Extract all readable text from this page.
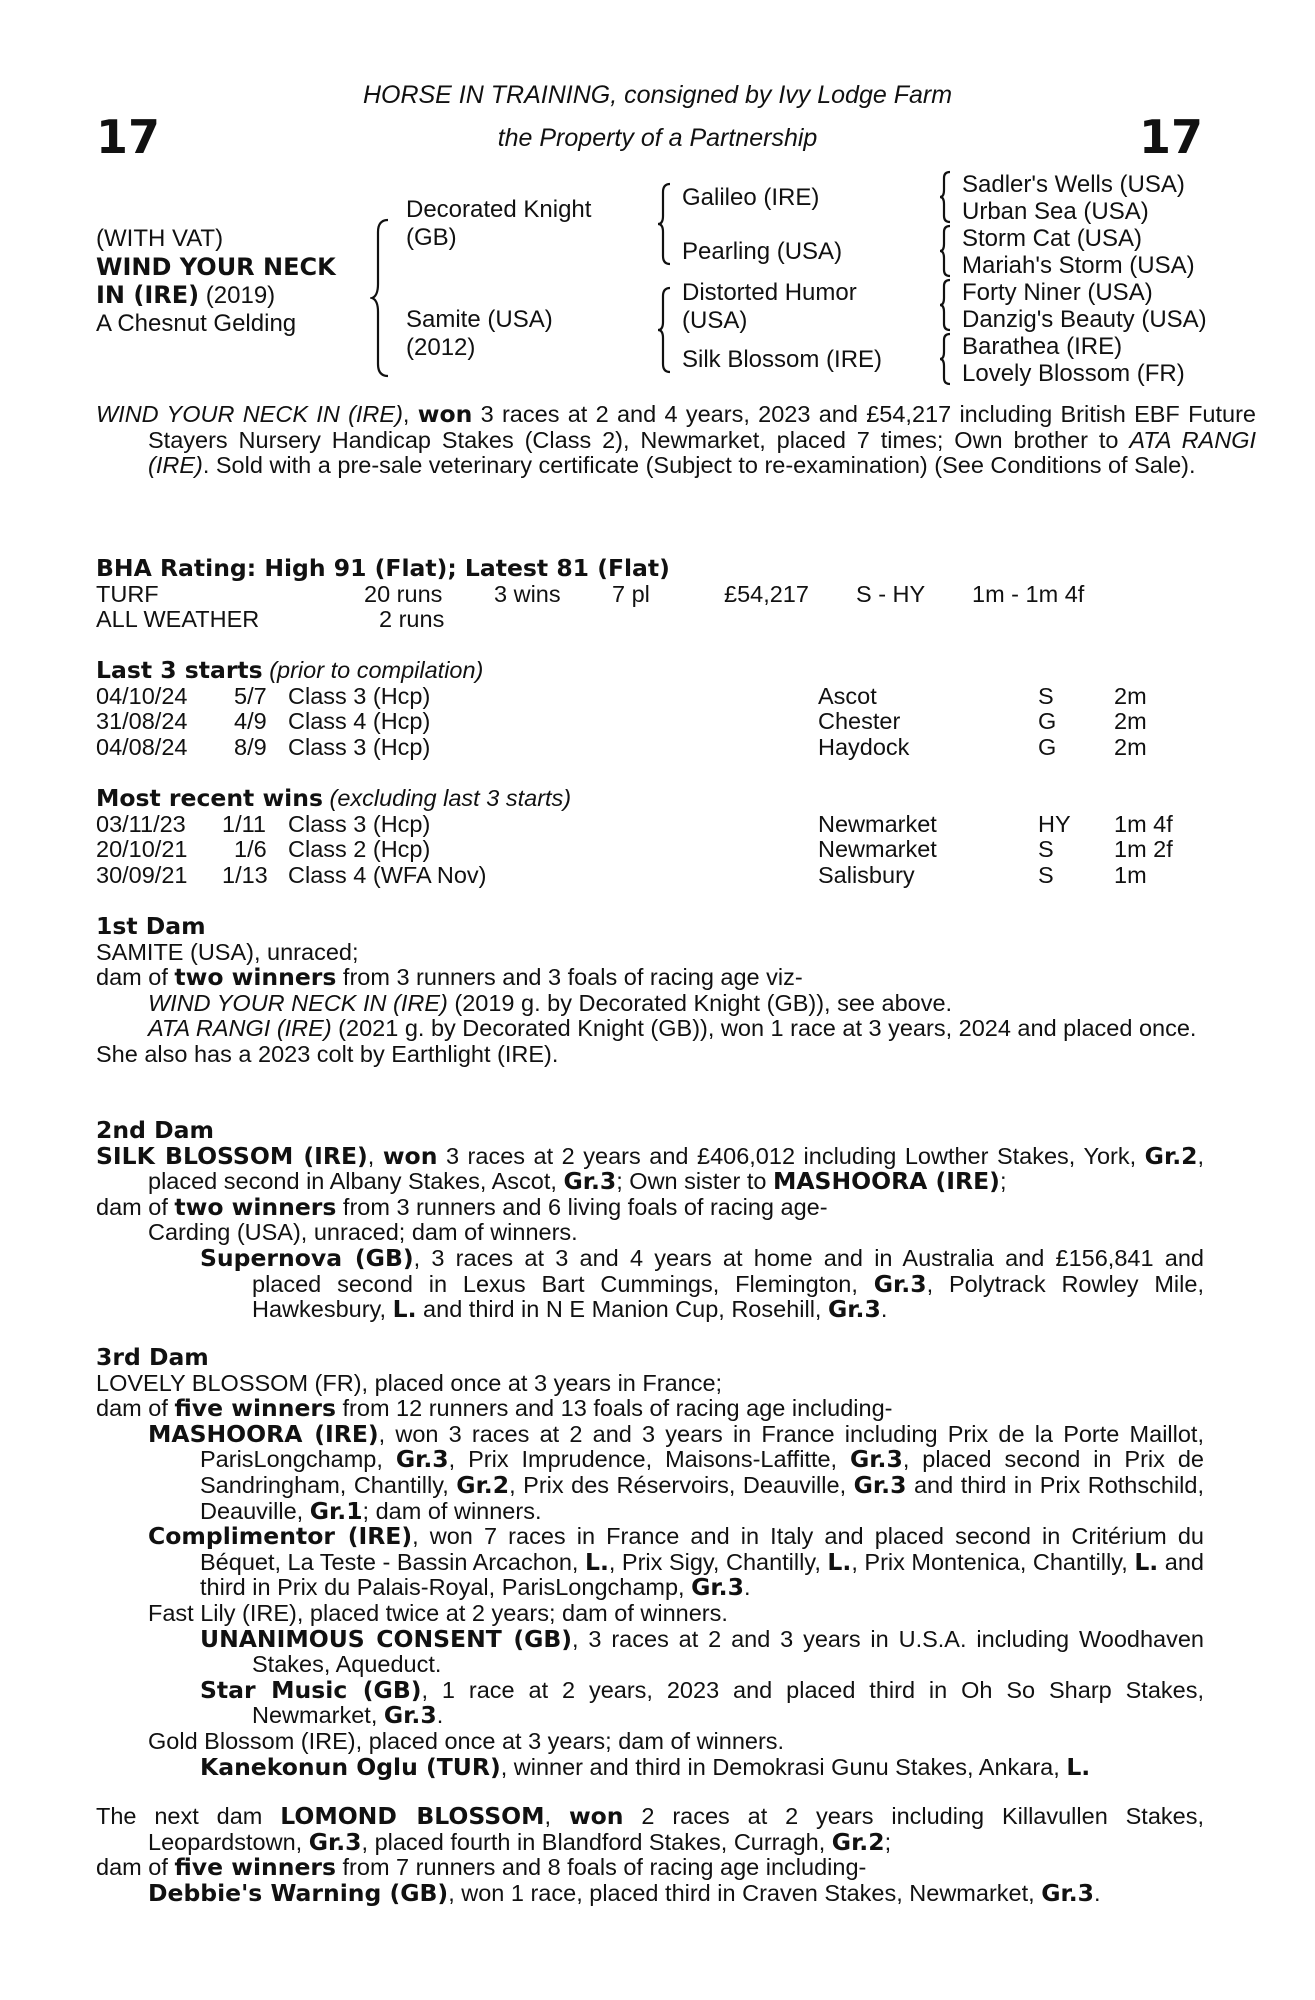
HORSE IN TRAINING, consigned by Ivy Lodge Farm
the Property of a Partnership
17	17
(WITH VAT)
WIND YOUR NECK
IN (IRE) (2019)
A Chesnut Gelding
Decorated Knight
(GB)
Samite (USA)
(2012)
Galileo (IRE)
Pearling (USA)
Distorted Humor
(USA)
Silk Blossom (IRE)
Sadler's Wells (USA)
Urban Sea (USA)
Storm Cat (USA)
Mariah's Storm (USA)
Forty Niner (USA)
Danzig's Beauty (USA)
Barathea (IRE)
Lovely Blossom (FR)
WIND YOUR NECK IN (IRE), won 3 races at 2 and 4 years, 2023 and £54,217 including British EBF Future Stayers Nursery Handicap Stakes (Class 2), Newmarket, placed 7 times; Own brother to ATA RANGI (IRE). Sold with a pre-sale veterinary certificate (Subject to re-examination) (See Conditions of Sale).
BHA Rating: High 91 (Flat); Latest 81 (Flat)
TURF	20 runs 3 wins 7 pl	£54,217 S - HY 1m - 1m 4f
ALL WEATHER	2 runs
Last 3 starts (prior to compilation)
04/10/24 5/7 Class 3 (Hcp)	Ascot	S	2m
31/08/24 4/9 Class 4 (Hcp)	Chester	G 2m
04/08/24 8/9 Class 3 (Hcp)	Haydock	G 2m
Most recent wins (excluding last 3 starts)
03/11/23 1/11 Class 3 (Hcp)	Newmarket	HY 1m 4f
20/10/21 1/6 Class 2 (Hcp)	Newmarket	S	1m 2f
30/09/21 1/13 Class 4 (WFA Nov)	Salisbury	S	1m
1st Dam
SAMITE (USA), unraced;
dam of two winners from 3 runners and 3 foals of racing age viz-
WIND YOUR NECK IN (IRE) (2019 g. by Decorated Knight (GB)), see above.
ATA RANGI (IRE) (2021 g. by Decorated Knight (GB)), won 1 race at 3 years, 2024 and placed once.
She also has a 2023 colt by Earthlight (IRE).
2nd Dam
SILK BLOSSOM (IRE), won 3 races at 2 years and £406,012 including Lowther Stakes, York, Gr.2, placed second in Albany Stakes, Ascot, Gr.3; Own sister to MASHOORA (IRE);
dam of two winners from 3 runners and 6 living foals of racing age-
Carding (USA), unraced; dam of winners.
Supernova (GB), 3 races at 3 and 4 years at home and in Australia and £156,841 and placed second in Lexus Bart Cummings, Flemington, Gr.3, Polytrack Rowley Mile, Hawkesbury, L. and third in N E Manion Cup, Rosehill, Gr.3.
3rd Dam
LOVELY BLOSSOM (FR), placed once at 3 years in France;
dam of five winners from 12 runners and 13 foals of racing age including-
MASHOORA (IRE), won 3 races at 2 and 3 years in France including Prix de la Porte Maillot, ParisLongchamp, Gr.3, Prix Imprudence, Maisons-Laffitte, Gr.3, placed second in Prix de Sandringham, Chantilly, Gr.2, Prix des Réservoirs, Deauville, Gr.3 and third in Prix Rothschild, Deauville, Gr.1; dam of winners.
Complimentor (IRE), won 7 races in France and in Italy and placed second in Critérium du Béquet, La Teste - Bassin Arcachon, L., Prix Sigy, Chantilly, L., Prix Montenica, Chantilly, L. and third in Prix du Palais-Royal, ParisLongchamp, Gr.3.
Fast Lily (IRE), placed twice at 2 years; dam of winners.
UNANIMOUS CONSENT (GB), 3 races at 2 and 3 years in U.S.A. including Woodhaven Stakes, Aqueduct.
Star Music (GB), 1 race at 2 years, 2023 and placed third in Oh So Sharp Stakes, Newmarket, Gr.3.
Gold Blossom (IRE), placed once at 3 years; dam of winners.
Kanekonun Oglu (TUR), winner and third in Demokrasi Gunu Stakes, Ankara, L.
The next dam LOMOND BLOSSOM, won 2 races at 2 years including Killavullen Stakes, Leopardstown, Gr.3, placed fourth in Blandford Stakes, Curragh, Gr.2;
dam of five winners from 7 runners and 8 foals of racing age including-
Debbie's Warning (GB), won 1 race, placed third in Craven Stakes, Newmarket, Gr.3.
